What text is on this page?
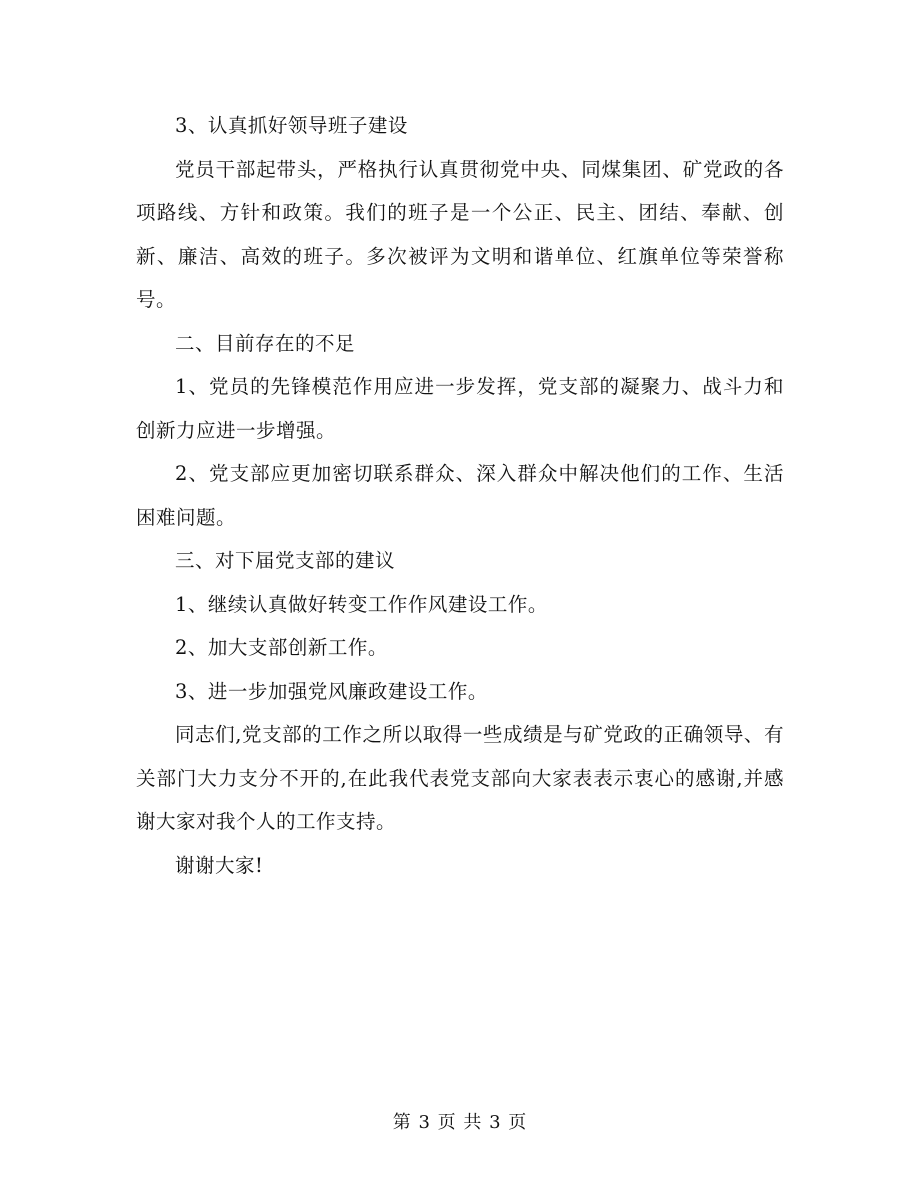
3、认真抓好领导班子建设

党员干部起带头，严格执行认真贯彻党中央、同煤集团、矿党政的各项路线、方针和政策。我们的班子是一个公正、民主、团结、奉献、创新、廉洁、高效的班子。多次被评为文明和谐单位、红旗单位等荣誉称号。

二、目前存在的不足

1、党员的先锋模范作用应进一步发挥，党支部的凝聚力、战斗力和创新力应进一步增强。

2、党支部应更加密切联系群众、深入群众中解决他们的工作、生活困难问题。

三、对下届党支部的建议

1、继续认真做好转变工作作风建设工作。

2、加大支部创新工作。

3、进一步加强党风廉政建设工作。

同志们,党支部的工作之所以取得一些成绩是与矿党政的正确领导、有关部门大力支分不开的,在此我代表党支部向大家表表示衷心的感谢,并感谢大家对我个人的工作支持。

谢谢大家!

第 3 页 共 3 页
